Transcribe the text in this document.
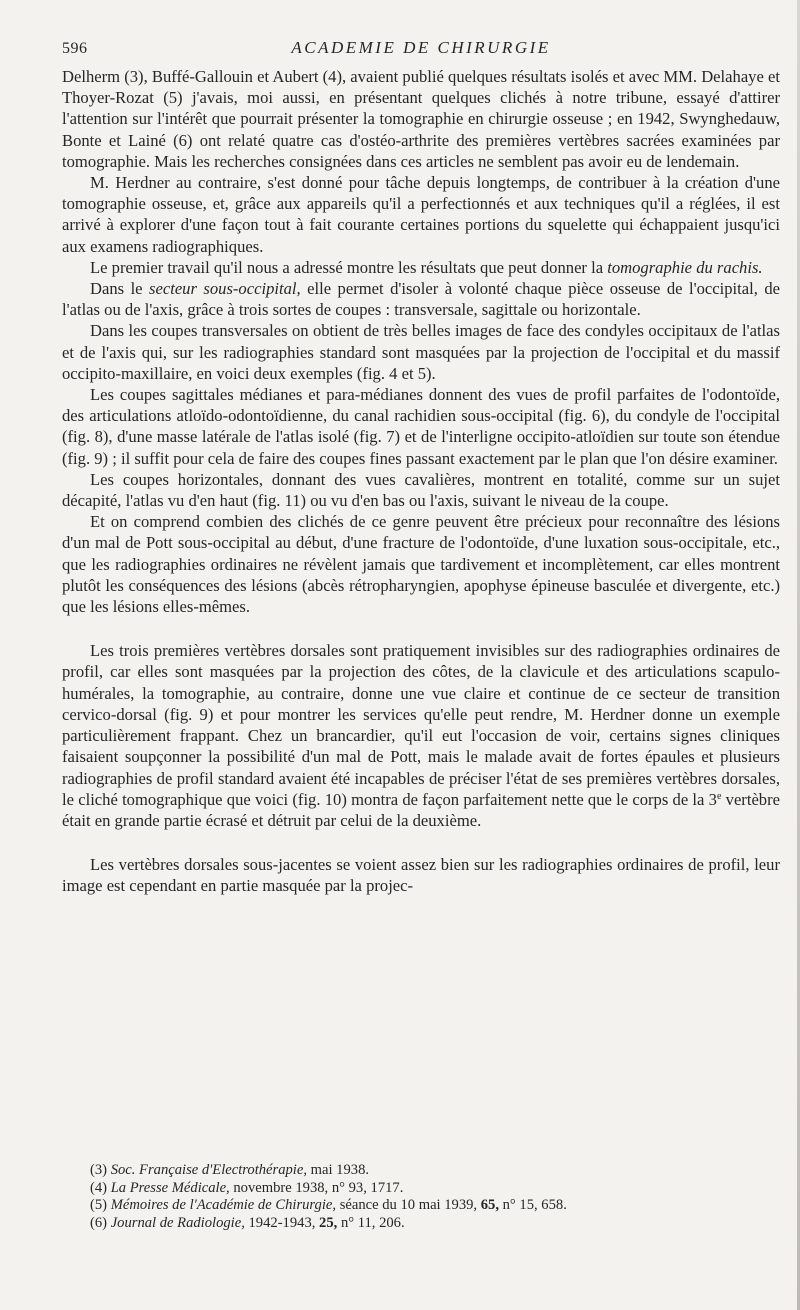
596	ACADEMIE DE CHIRURGIE

Delherm (3), Buffé-Gallouin et Aubert (4), avaient publié quelques résultats isolés et avec MM. Delahaye et Thoyer-Rozat (5) j'avais, moi aussi, en présentant quelques clichés à notre tribune, essayé d'attirer l'attention sur l'intérêt que pourrait présenter la tomographie en chirurgie osseuse ; en 1942, Swynghedauw, Bonte et Lainé (6) ont relaté quatre cas d'ostéo-arthrite des premières vertèbres sacrées examinées par tomographie. Mais les recherches consignées dans ces articles ne semblent pas avoir eu de lendemain.

M. Herdner au contraire, s'est donné pour tâche depuis longtemps, de contribuer à la création d'une tomographie osseuse, et, grâce aux appareils qu'il a perfectionnés et aux techniques qu'il a réglées, il est arrivé à explorer d'une façon tout à fait courante certaines portions du squelette qui échappaient jusqu'ici aux examens radiographiques.

Le premier travail qu'il nous a adressé montre les résultats que peut donner la tomographie du rachis.

Dans le secteur sous-occipital, elle permet d'isoler à volonté chaque pièce osseuse de l'occipital, de l'atlas ou de l'axis, grâce à trois sortes de coupes : transversale, sagittale ou horizontale.

Dans les coupes transversales on obtient de très belles images de face des condyles occipitaux de l'atlas et de l'axis qui, sur les radiographies standard sont masquées par la projection de l'occipital et du massif occipito-maxillaire, en voici deux exemples (fig. 4 et 5).

Les coupes sagittales médianes et para-médianes donnent des vues de profil parfaites de l'odontoïde, des articulations atloïdo-odontoïdienne, du canal rachidien sous-occipital (fig. 6), du condyle de l'occipital (fig. 8), d'une masse latérale de l'atlas isolé (fig. 7) et de l'interligne occipito-atloïdien sur toute son étendue (fig. 9) ; il suffit pour cela de faire des coupes fines passant exactement par le plan que l'on désire examiner.

Les coupes horizontales, donnant des vues cavalières, montrent en totalité, comme sur un sujet décapité, l'atlas vu d'en haut (fig. 11) ou vu d'en bas ou l'axis, suivant le niveau de la coupe.

Et on comprend combien des clichés de ce genre peuvent être précieux pour reconnaître des lésions d'un mal de Pott sous-occipital au début, d'une fracture de l'odontoïde, d'une luxation sous-occipitale, etc., que les radiographies ordinaires ne révèlent jamais que tardivement et incomplètement, car elles montrent plutôt les conséquences des lésions (abcès rétropharyngien, apophyse épineuse basculée et divergente, etc.) que les lésions elles-mêmes.

Les trois premières vertèbres dorsales sont pratiquement invisibles sur des radiographies ordinaires de profil, car elles sont masquées par la projection des côtes, de la clavicule et des articulations scapulo-humérales, la tomographie, au contraire, donne une vue claire et continue de ce secteur de transition cervico-dorsal (fig. 9) et pour montrer les services qu'elle peut rendre, M. Herdner donne un exemple particulièrement frappant. Chez un brancardier, qu'il eut l'occasion de voir, certains signes cliniques faisaient soupçonner la possibilité d'un mal de Pott, mais le malade avait de fortes épaules et plusieurs radiographies de profil standard avaient été incapables de préciser l'état de ses premières vertèbres dorsales, le cliché tomographique que voici (fig. 10) montra de façon parfaitement nette que le corps de la 3e vertèbre était en grande partie écrasé et détruit par celui de la deuxième.

Les vertèbres dorsales sous-jacentes se voient assez bien sur les radiographies ordinaires de profil, leur image est cependant en partie masquée par la projec-

(3) Soc. Française d'Electrothérapie, mai 1938.
(4) La Presse Médicale, novembre 1938, n° 93, 1717.
(5) Mémoires de l'Académie de Chirurgie, séance du 10 mai 1939, 65, n° 15, 658.
(6) Journal de Radiologie, 1942-1943, 25, n° 11, 206.
